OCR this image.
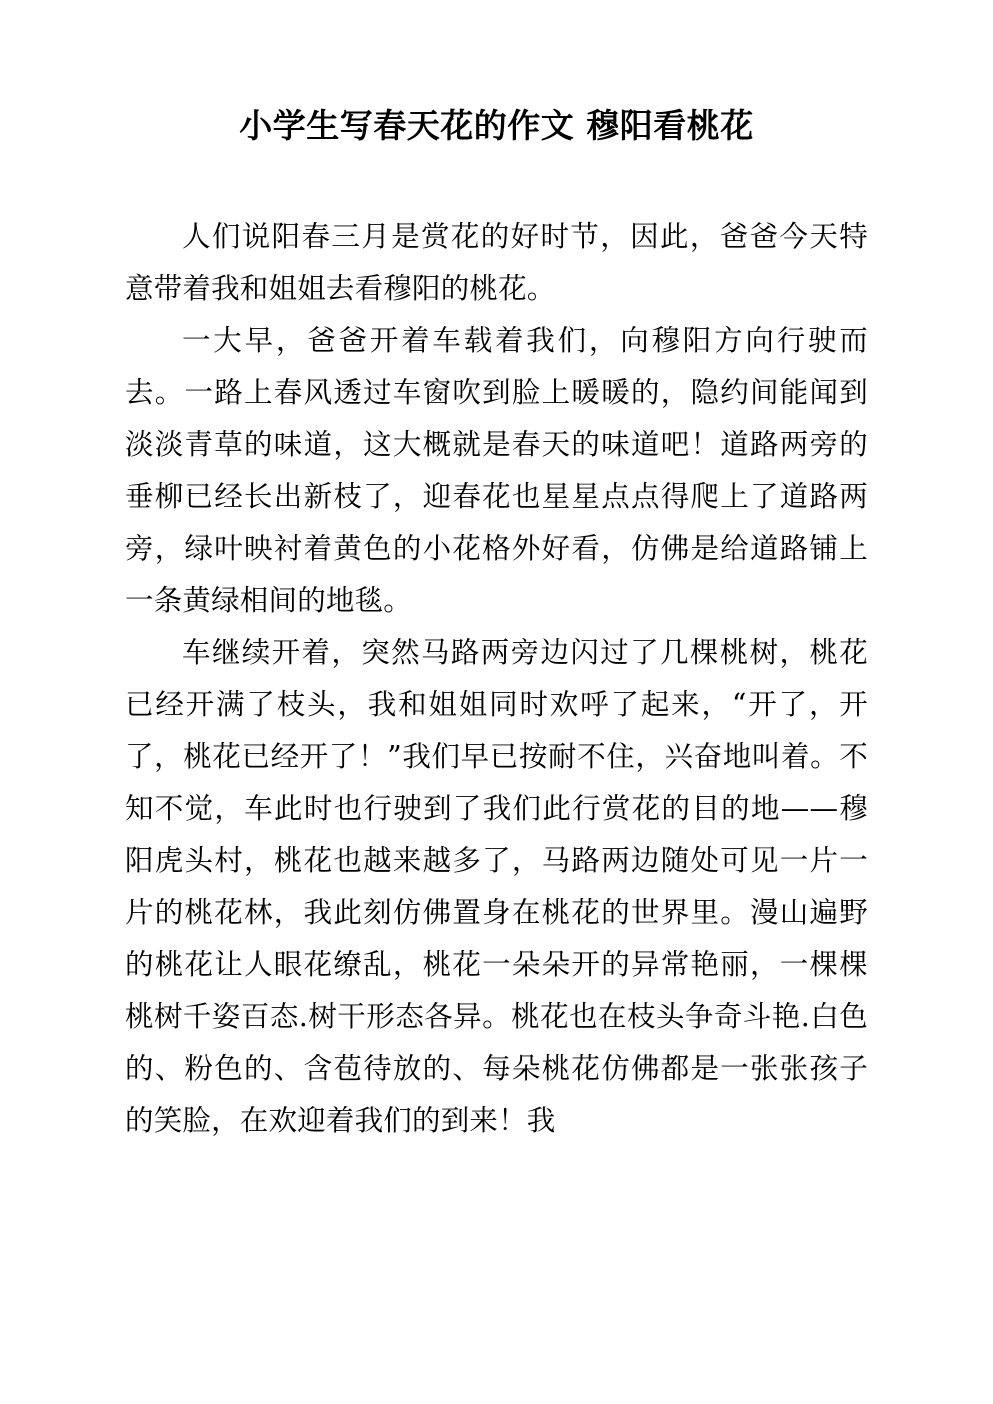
小学生写春天花的作文 穆阳看桃花

人们说阳春三月是赏花的好时节，因此，爸爸今天特意带着我和姐姐去看穆阳的桃花。

一大早，爸爸开着车载着我们，向穆阳方向行驶而去。一路上春风透过车窗吹到脸上暖暖的，隐约间能闻到淡淡青草的味道，这大概就是春天的味道吧！道路两旁的垂柳已经长出新枝了，迎春花也星星点点得爬上了道路两旁，绿叶映衬着黄色的小花格外好看，仿佛是给道路铺上一条黄绿相间的地毯。

车继续开着，突然马路两旁边闪过了几棵桃树，桃花已经开满了枝头，我和姐姐同时欢呼了起来，“开了，开了，桃花已经开了！”我们早已按耐不住，兴奋地叫着。不知不觉，车此时也行驶到了我们此行赏花的目的地——穆阳虎头村，桃花也越来越多了，马路两边随处可见一片一片的桃花林，我此刻仿佛置身在桃花的世界里。漫山遍野的桃花让人眼花缭乱，桃花一朵朵开的异常艳丽，一棵棵桃树千姿百态.树干形态各异。桃花也在枝头争奇斗艳.白色的、粉色的、含苞待放的、每朵桃花仿佛都是一张张孩子的笑脸，在欢迎着我们的到来！我
